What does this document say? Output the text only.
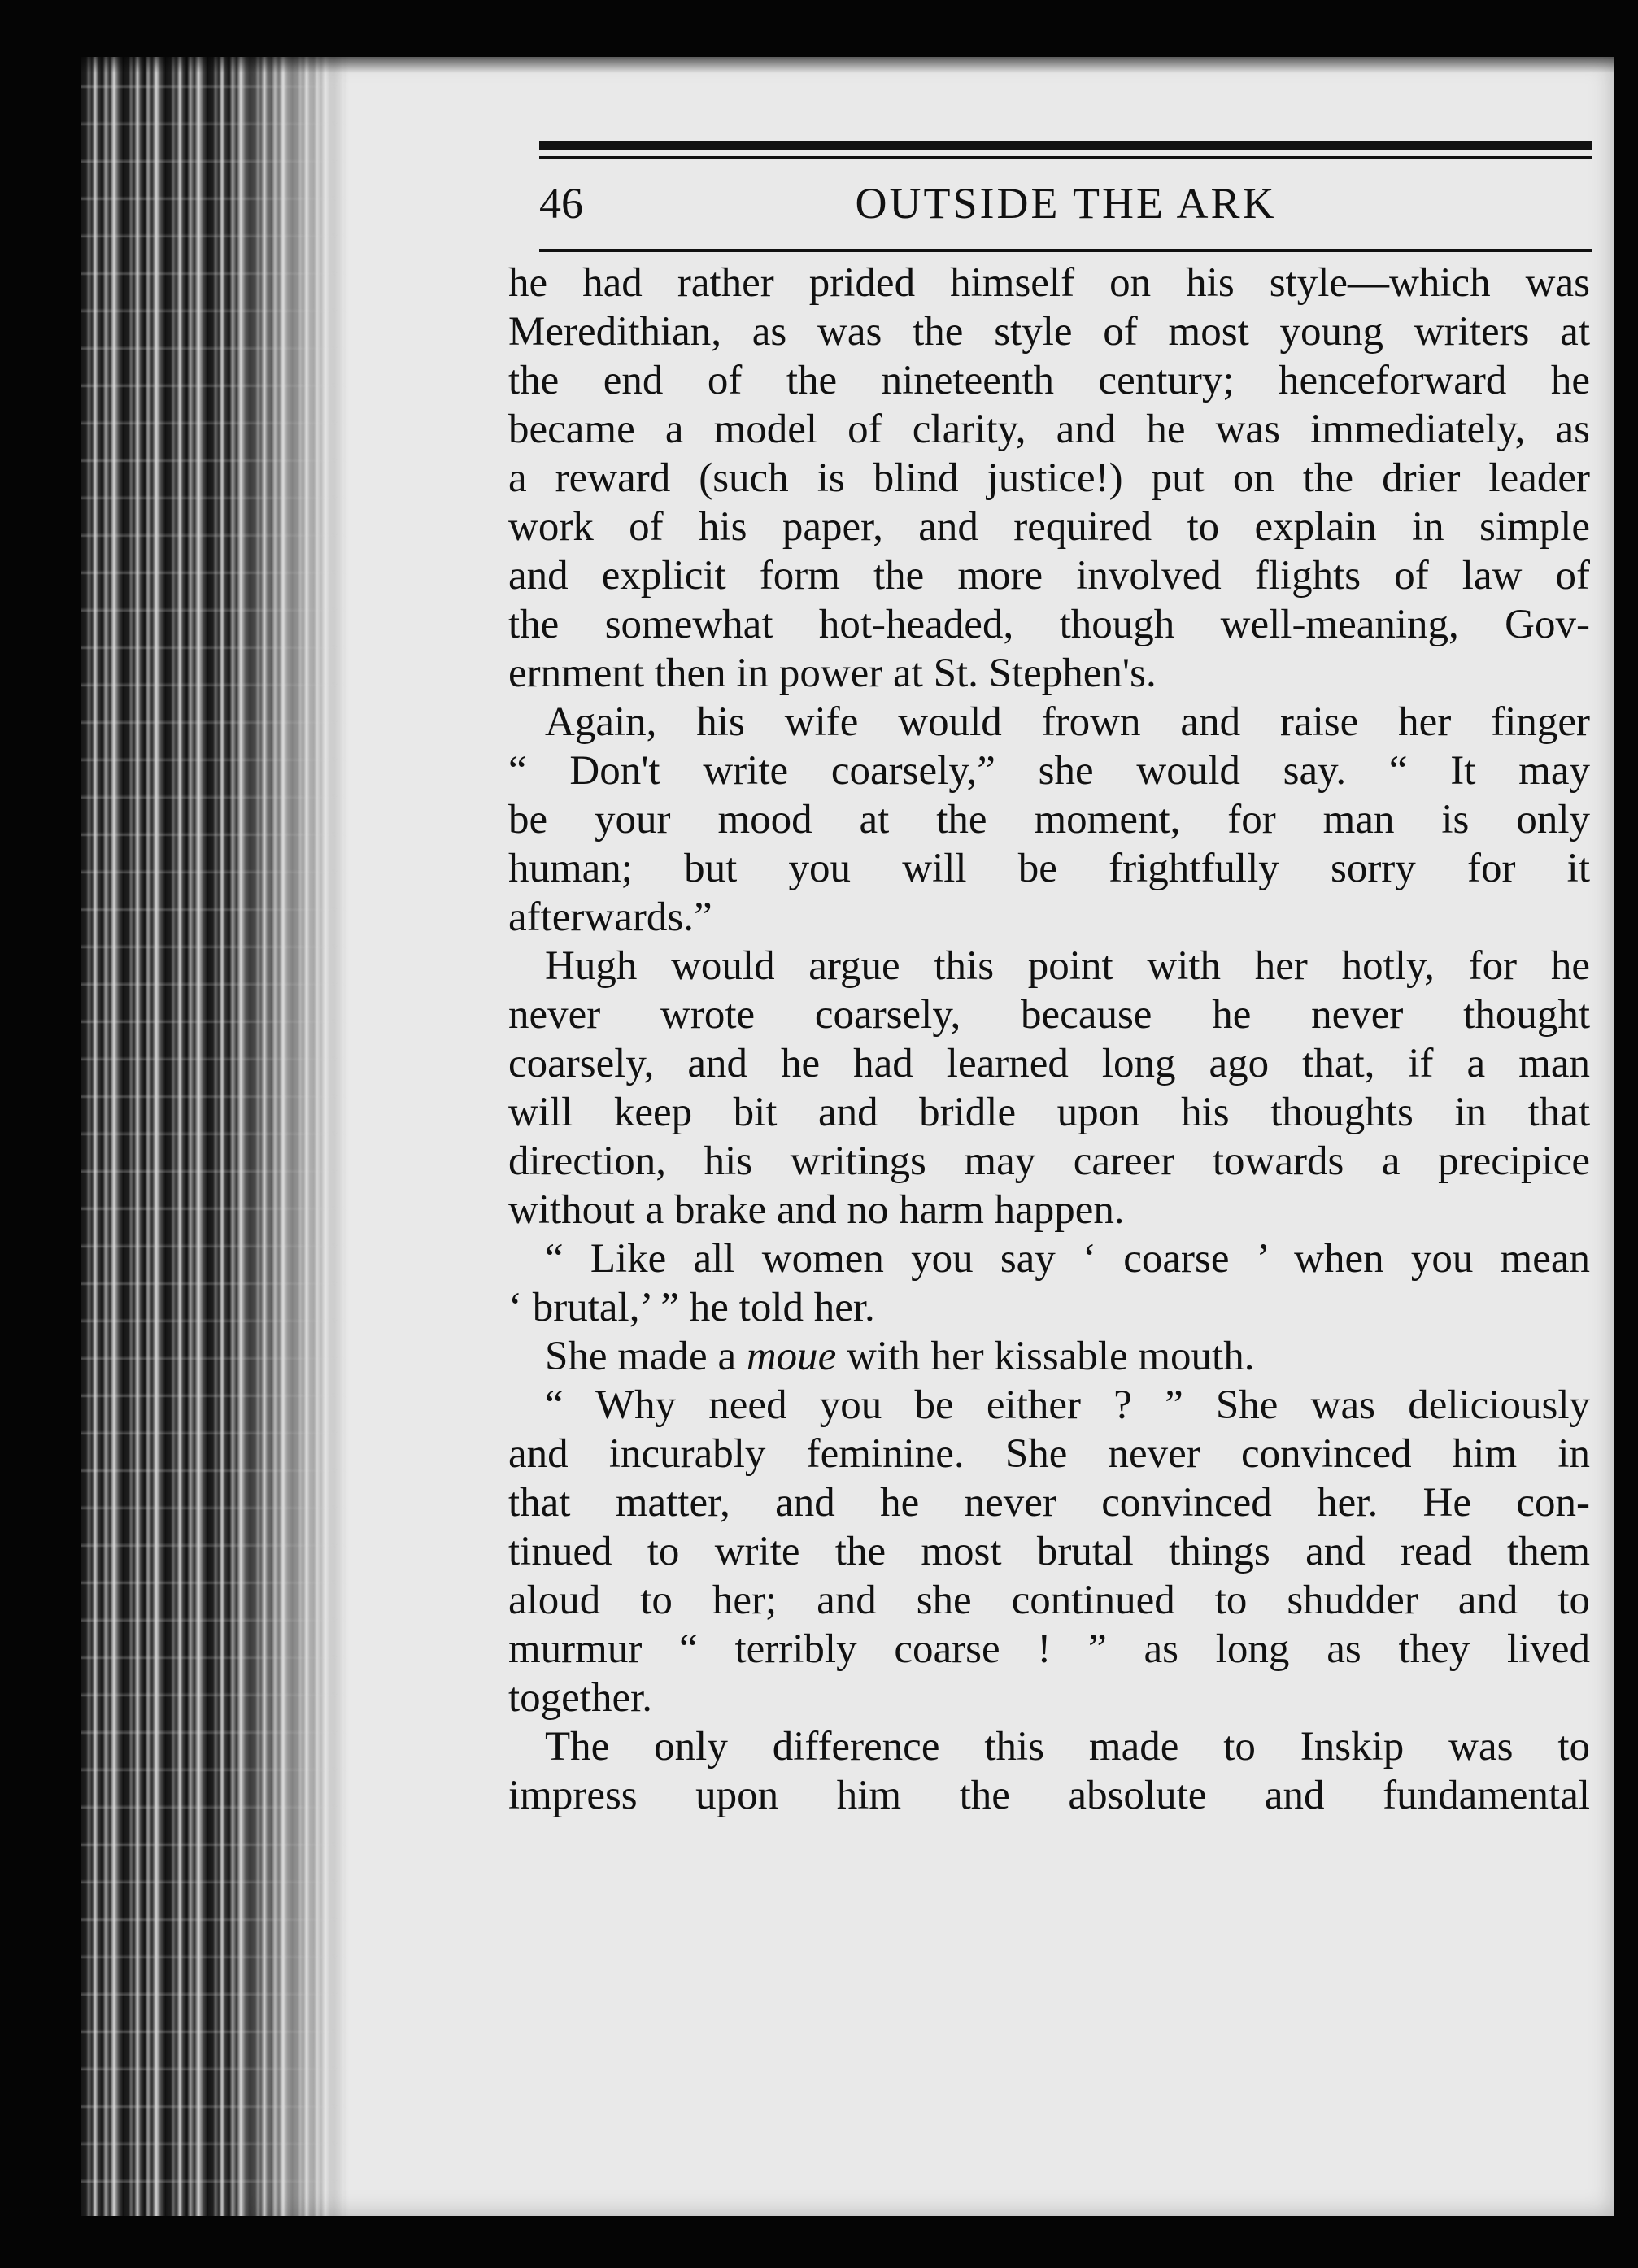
46	OUTSIDE THE ARK
he had rather prided himself on his style—which was
Meredithian, as was the style of most young writers at
the end of the nineteenth century; henceforward he
became a model of clarity, and he was immediately, as
a reward (such is blind justice!) put on the drier leader
work of his paper, and required to explain in simple
and explicit form the more involved flights of law of
the somewhat hot-headed, though well-meaning, Gov-
ernment then in power at St. Stephen's.
Again, his wife would frown and raise her finger
“ Don't write coarsely,” she would say. “ It may
be your mood at the moment, for man is only
human; but you will be frightfully sorry for it
afterwards.”
Hugh would argue this point with her hotly, for he
never wrote coarsely, because he never thought
coarsely, and he had learned long ago that, if a man
will keep bit and bridle upon his thoughts in that
direction, his writings may career towards a precipice
without a brake and no harm happen.
“ Like all women you say ‘ coarse ’ when you mean
‘ brutal,’ ” he told her.
She made a moue with her kissable mouth.
“ Why need you be either ? ” She was deliciously
and incurably feminine. She never convinced him in
that matter, and he never convinced her. He con-
tinued to write the most brutal things and read them
aloud to her; and she continued to shudder and to
murmur “ terribly coarse ! ” as long as they lived
together.
The only difference this made to Inskip was to
impress upon him the absolute and fundamental
